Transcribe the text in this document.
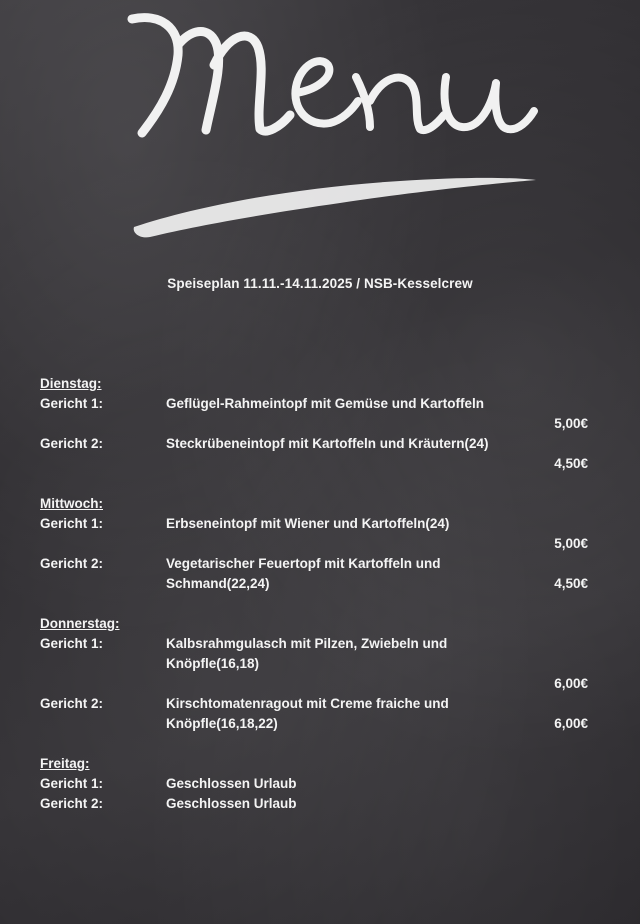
Speiseplan 11.11.-14.11.2025 / NSB-Kesselcrew
Dienstag:
Gericht 1:	Geflügel-Rahmeintopf mit Gemüse und Kartoffeln
5,00€
Gericht 2:	Steckrübeneintopf mit Kartoffeln und Kräutern(24)
4,50€
Mittwoch:
Gericht 1:	Erbseneintopf mit Wiener und Kartoffeln(24)
5,00€
Gericht 2:	Vegetarischer Feuertopf mit Kartoffeln und
Schmand(22,24)	4,50€
Donnerstag:
Gericht 1:	Kalbsrahmgulasch mit Pilzen, Zwiebeln und
Knöpfle(16,18)
6,00€
Gericht 2:	Kirschtomatenragout mit Creme fraiche und
Knöpfle(16,18,22)	6,00€
Freitag:
Gericht 1:	Geschlossen Urlaub
Gericht 2:	Geschlossen Urlaub
